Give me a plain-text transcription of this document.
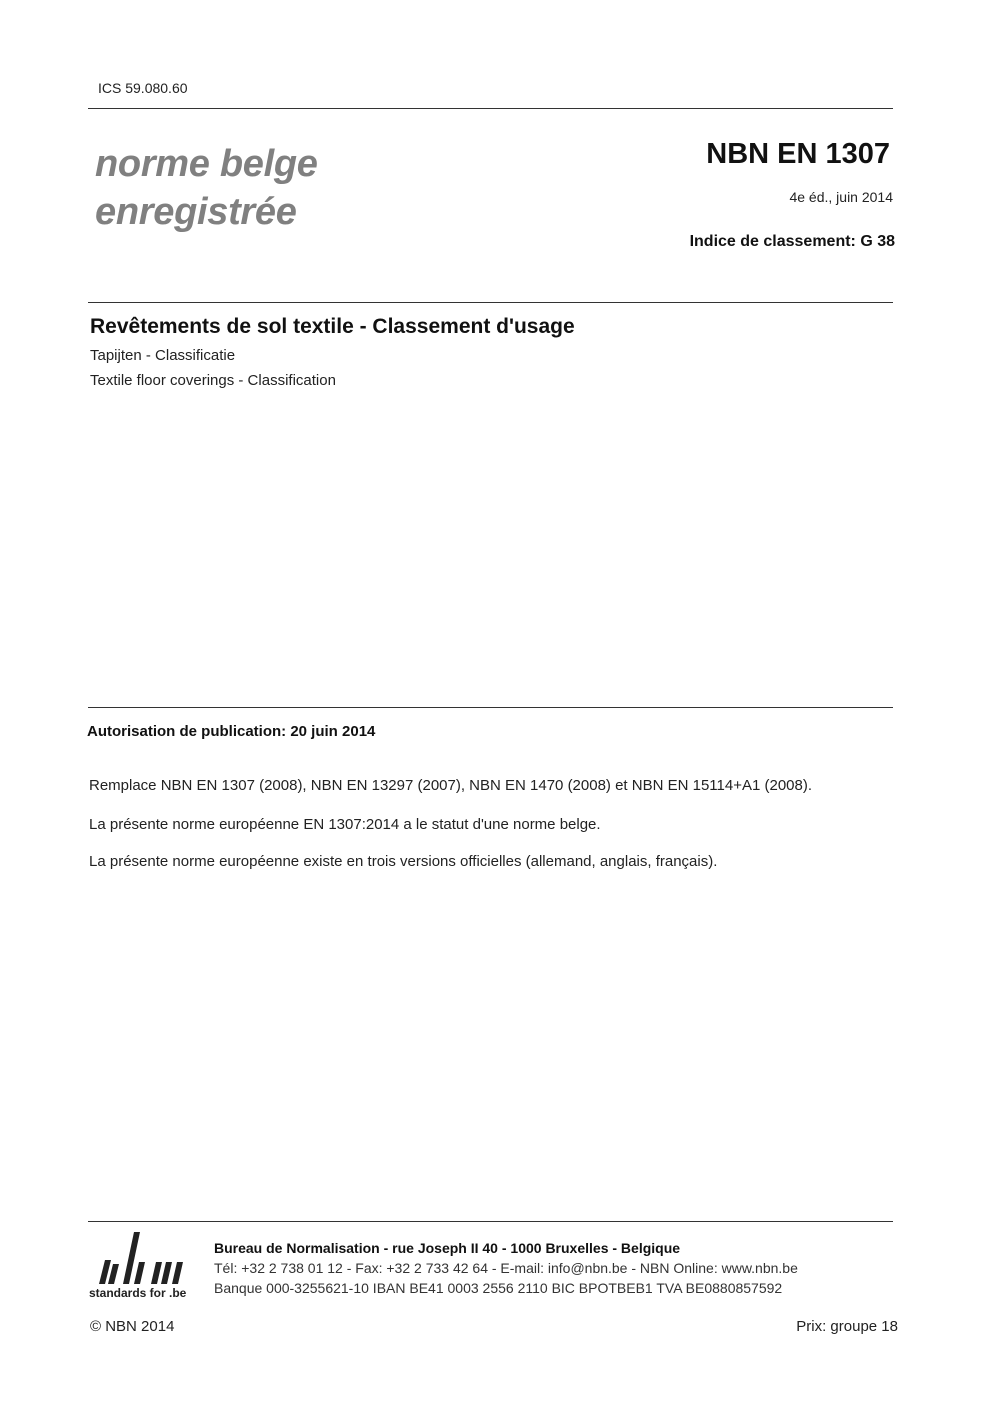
ICS 59.080.60
norme belge
enregistrée
NBN EN 1307
4e éd., juin 2014
Indice de classement: G 38
Revêtements de sol textile - Classement d'usage
Tapijten - Classificatie
Textile floor coverings - Classification
Autorisation de publication: 20 juin 2014
Remplace NBN EN 1307 (2008), NBN EN 13297 (2007), NBN EN 1470 (2008) et NBN EN 15114+A1 (2008).
La présente norme européenne EN 1307:2014 a le statut d'une norme belge.
La présente norme européenne existe en trois versions officielles (allemand, anglais, français).
standards for .be
Bureau de Normalisation - rue Joseph II 40 - 1000 Bruxelles - Belgique
Tél: +32 2 738 01 12 - Fax: +32 2 733 42 64 - E-mail: info@nbn.be - NBN Online: www.nbn.be
Banque 000-3255621-10 IBAN BE41 0003 2556 2110 BIC BPOTBEB1 TVA BE0880857592
© NBN 2014	Prix: groupe 18
